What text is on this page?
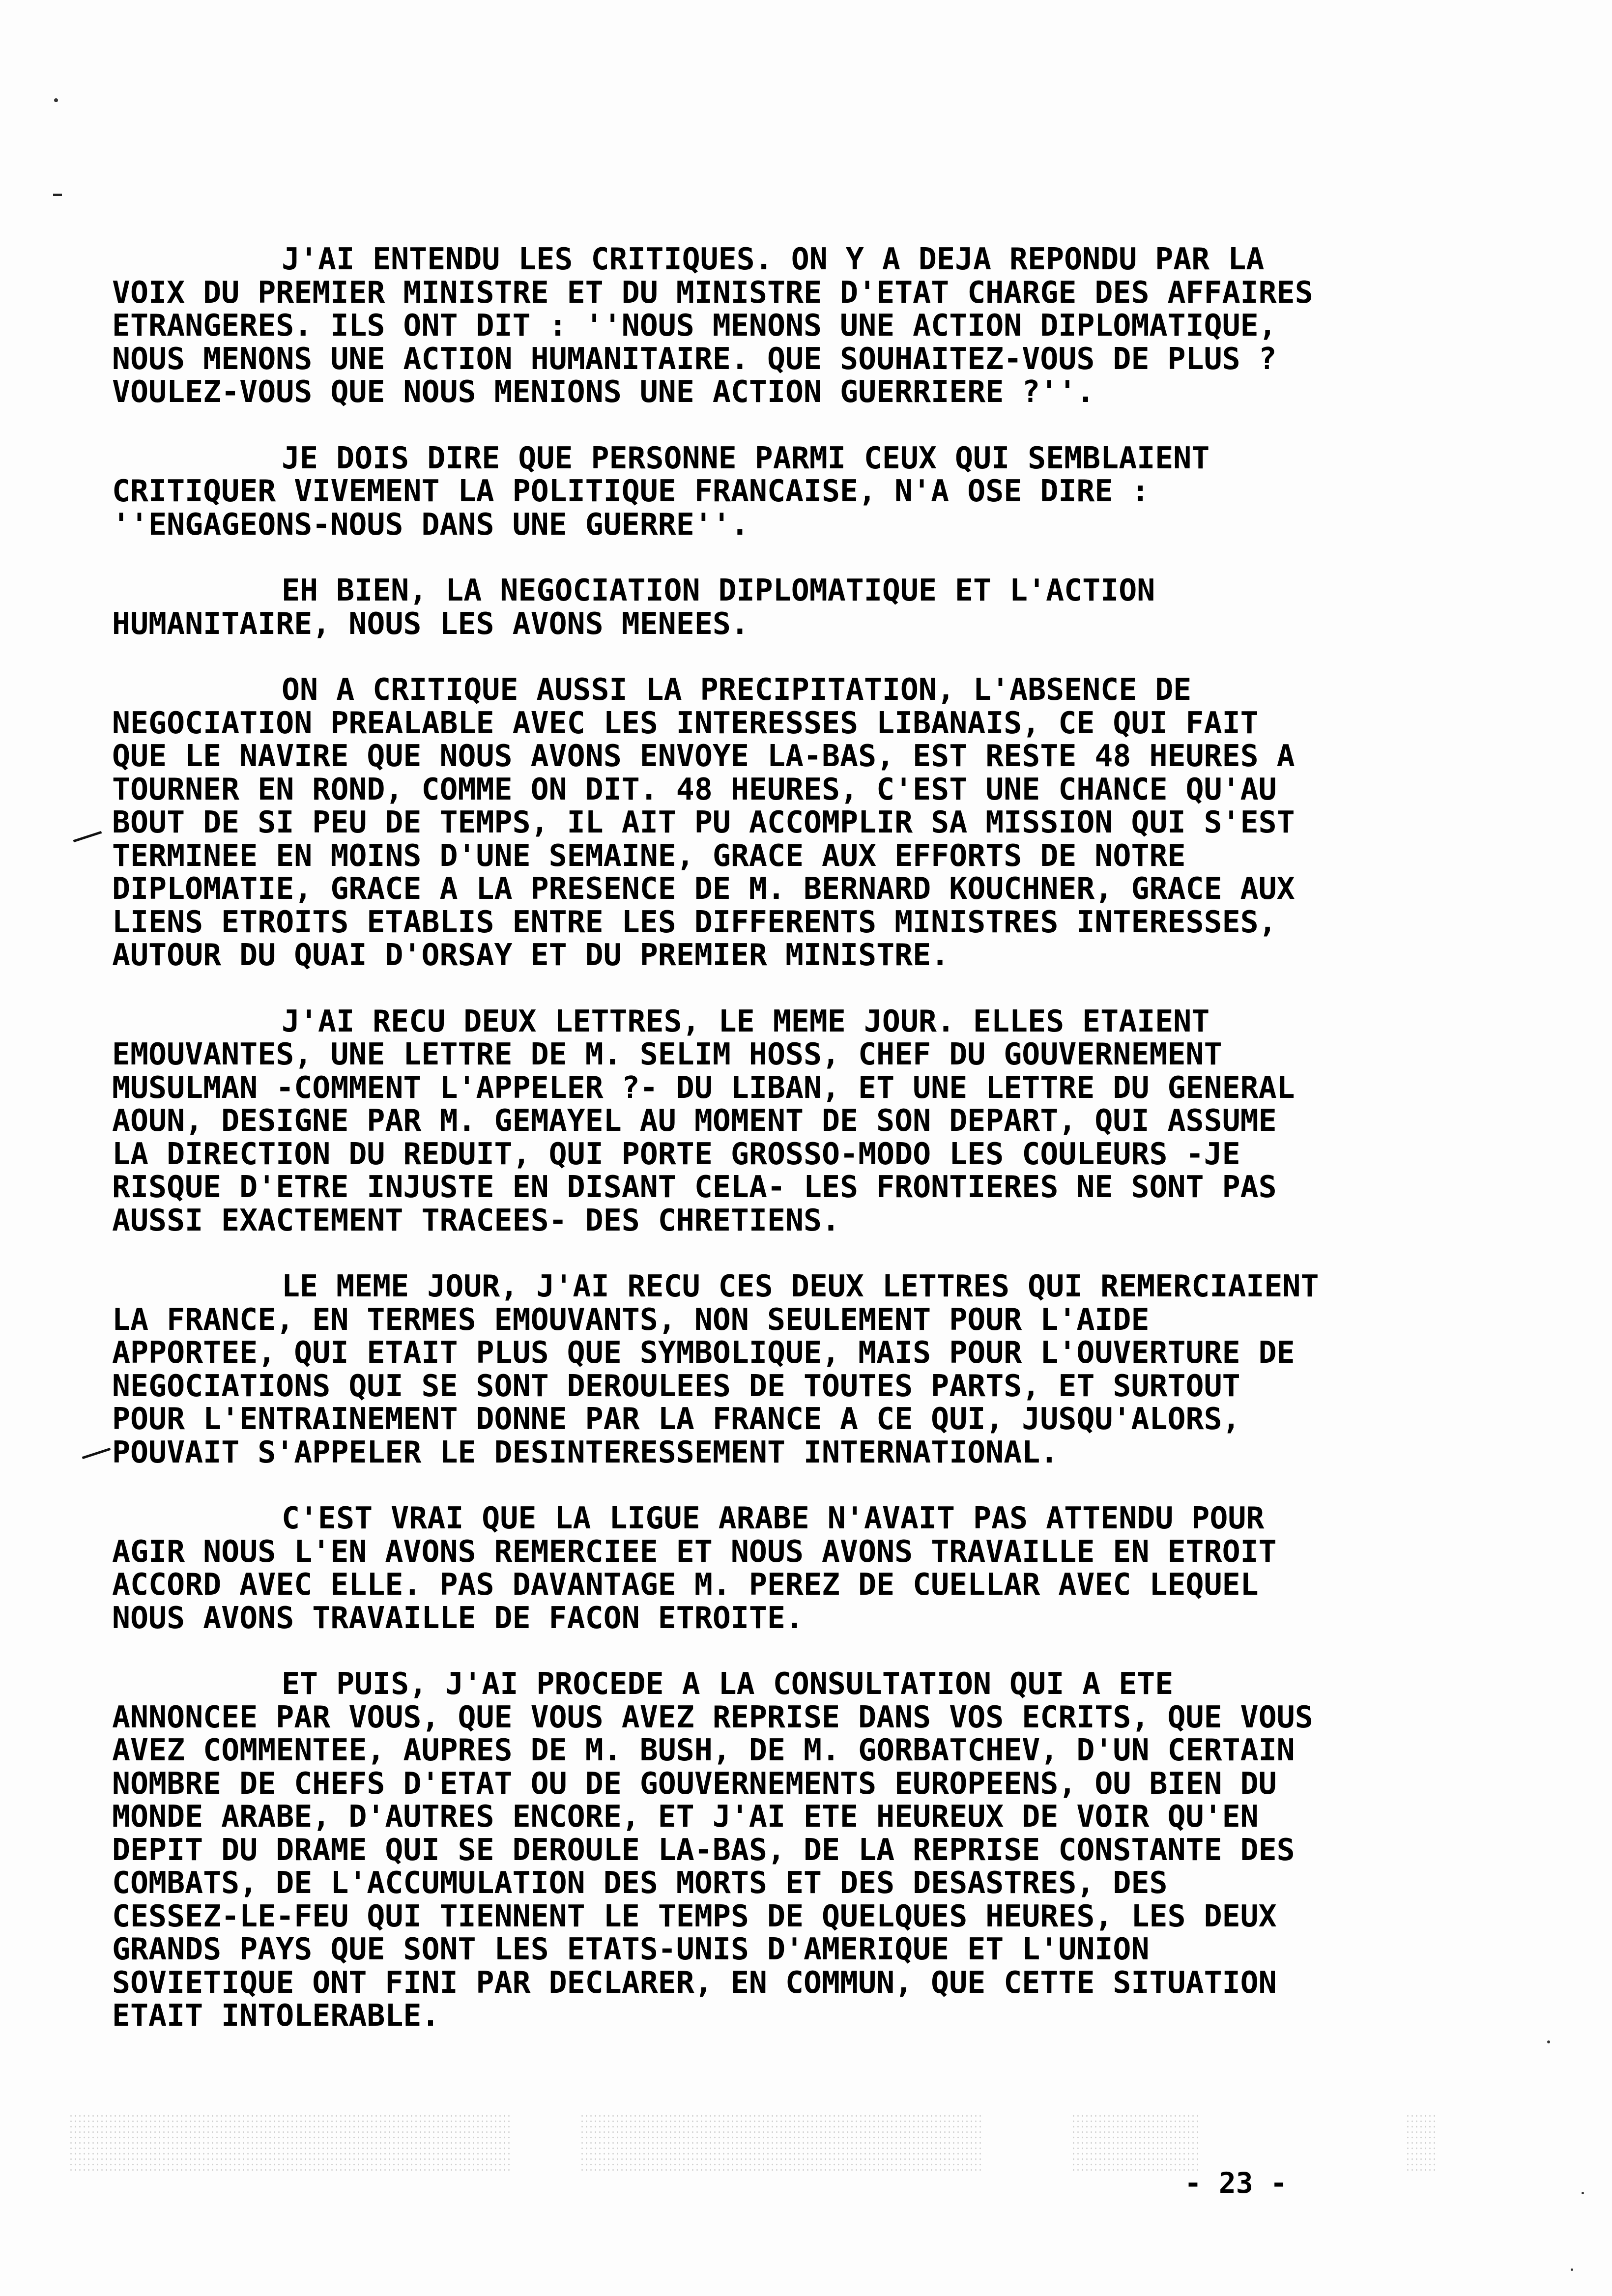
J'AI ENTENDU LES CRITIQUES. ON Y A DEJA REPONDU PAR LA
VOIX DU PREMIER MINISTRE ET DU MINISTRE D'ETAT CHARGE DES AFFAIRES
ETRANGERES. ILS ONT DIT : ''NOUS MENONS UNE ACTION DIPLOMATIQUE,
NOUS MENONS UNE ACTION HUMANITAIRE. QUE SOUHAITEZ-VOUS DE PLUS ?
VOULEZ-VOUS QUE NOUS MENIONS UNE ACTION GUERRIERE ?''.
JE DOIS DIRE QUE PERSONNE PARMI CEUX QUI SEMBLAIENT
CRITIQUER VIVEMENT LA POLITIQUE FRANCAISE, N'A OSE DIRE :
''ENGAGEONS-NOUS DANS UNE GUERRE''.
EH BIEN, LA NEGOCIATION DIPLOMATIQUE ET L'ACTION
HUMANITAIRE, NOUS LES AVONS MENEES.
ON A CRITIQUE AUSSI LA PRECIPITATION, L'ABSENCE DE
NEGOCIATION PREALABLE AVEC LES INTERESSES LIBANAIS, CE QUI FAIT
QUE LE NAVIRE QUE NOUS AVONS ENVOYE LA-BAS, EST RESTE 48 HEURES A
TOURNER EN ROND, COMME ON DIT. 48 HEURES, C'EST UNE CHANCE QU'AU
BOUT DE SI PEU DE TEMPS, IL AIT PU ACCOMPLIR SA MISSION QUI S'EST
TERMINEE EN MOINS D'UNE SEMAINE, GRACE AUX EFFORTS DE NOTRE
DIPLOMATIE, GRACE A LA PRESENCE DE M. BERNARD KOUCHNER, GRACE AUX
LIENS ETROITS ETABLIS ENTRE LES DIFFERENTS MINISTRES INTERESSES,
AUTOUR DU QUAI D'ORSAY ET DU PREMIER MINISTRE.
J'AI RECU DEUX LETTRES, LE MEME JOUR. ELLES ETAIENT
EMOUVANTES, UNE LETTRE DE M. SELIM HOSS, CHEF DU GOUVERNEMENT
MUSULMAN -COMMENT L'APPELER ?- DU LIBAN, ET UNE LETTRE DU GENERAL
AOUN, DESIGNE PAR M. GEMAYEL AU MOMENT DE SON DEPART, QUI ASSUME
LA DIRECTION DU REDUIT, QUI PORTE GROSSO-MODO LES COULEURS -JE
RISQUE D'ETRE INJUSTE EN DISANT CELA- LES FRONTIERES NE SONT PAS
AUSSI EXACTEMENT TRACEES- DES CHRETIENS.
LE MEME JOUR, J'AI RECU CES DEUX LETTRES QUI REMERCIAIENT
LA FRANCE, EN TERMES EMOUVANTS, NON SEULEMENT POUR L'AIDE
APPORTEE, QUI ETAIT PLUS QUE SYMBOLIQUE, MAIS POUR L'OUVERTURE DE
NEGOCIATIONS QUI SE SONT DEROULEES DE TOUTES PARTS, ET SURTOUT
POUR L'ENTRAINEMENT DONNE PAR LA FRANCE A CE QUI, JUSQU'ALORS,
POUVAIT S'APPELER LE DESINTERESSEMENT INTERNATIONAL.
C'EST VRAI QUE LA LIGUE ARABE N'AVAIT PAS ATTENDU POUR
AGIR NOUS L'EN AVONS REMERCIEE ET NOUS AVONS TRAVAILLE EN ETROIT
ACCORD AVEC ELLE. PAS DAVANTAGE M. PEREZ DE CUELLAR AVEC LEQUEL
NOUS AVONS TRAVAILLE DE FACON ETROITE.
ET PUIS, J'AI PROCEDE A LA CONSULTATION QUI A ETE
ANNONCEE PAR VOUS, QUE VOUS AVEZ REPRISE DANS VOS ECRITS, QUE VOUS
AVEZ COMMENTEE, AUPRES DE M. BUSH, DE M. GORBATCHEV, D'UN CERTAIN
NOMBRE DE CHEFS D'ETAT OU DE GOUVERNEMENTS EUROPEENS, OU BIEN DU
MONDE ARABE, D'AUTRES ENCORE, ET J'AI ETE HEUREUX DE VOIR QU'EN
DEPIT DU DRAME QUI SE DEROULE LA-BAS, DE LA REPRISE CONSTANTE DES
COMBATS, DE L'ACCUMULATION DES MORTS ET DES DESASTRES, DES
CESSEZ-LE-FEU QUI TIENNENT LE TEMPS DE QUELQUES HEURES, LES DEUX
GRANDS PAYS QUE SONT LES ETATS-UNIS D'AMERIQUE ET L'UNION
SOVIETIQUE ONT FINI PAR DECLARER, EN COMMUN, QUE CETTE SITUATION
ETAIT INTOLERABLE.
- 23 -
